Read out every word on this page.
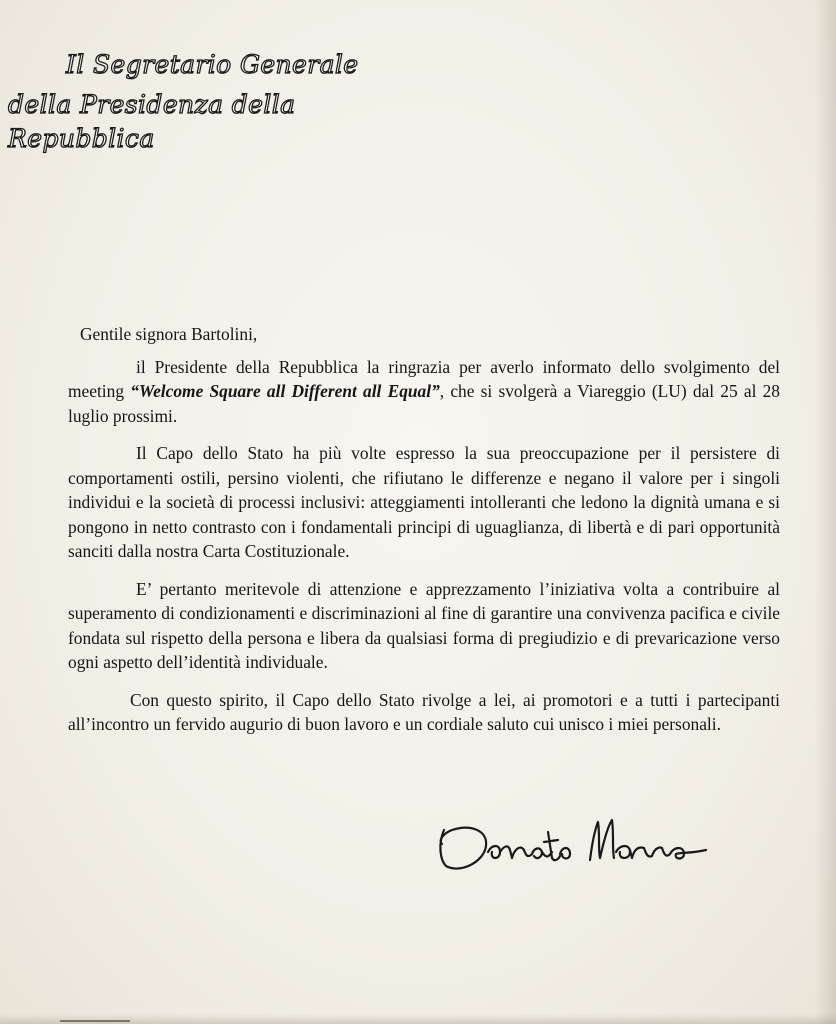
Il Segretario Generale
della Presidenza della Repubblica

Gentile signora Bartolini,

il Presidente della Repubblica la ringrazia per averlo informato dello svolgimento del meeting “Welcome Square all Different all Equal”, che si svolgerà a Viareggio (LU) dal 25 al 28 luglio prossimi.

Il Capo dello Stato ha più volte espresso la sua preoccupazione per il persistere di comportamenti ostili, persino violenti, che rifiutano le differenze e negano il valore per i singoli individui e la società di processi inclusivi: atteggiamenti intolleranti che ledono la dignità umana e si pongono in netto contrasto con i fondamentali principi di uguaglianza, di libertà e di pari opportunità sanciti dalla nostra Carta Costituzionale.

E’ pertanto meritevole di attenzione e apprezzamento l’iniziativa volta a contribuire al superamento di condizionamenti e discriminazioni al fine di garantire una convivenza pacifica e civile fondata sul rispetto della persona e libera da qualsiasi forma di pregiudizio e di prevaricazione verso ogni aspetto dell’identità individuale.

Con questo spirito, il Capo dello Stato rivolge a lei, ai promotori e a tutti i partecipanti all’incontro un fervido augurio di buon lavoro e un cordiale saluto cui unisco i miei personali.
